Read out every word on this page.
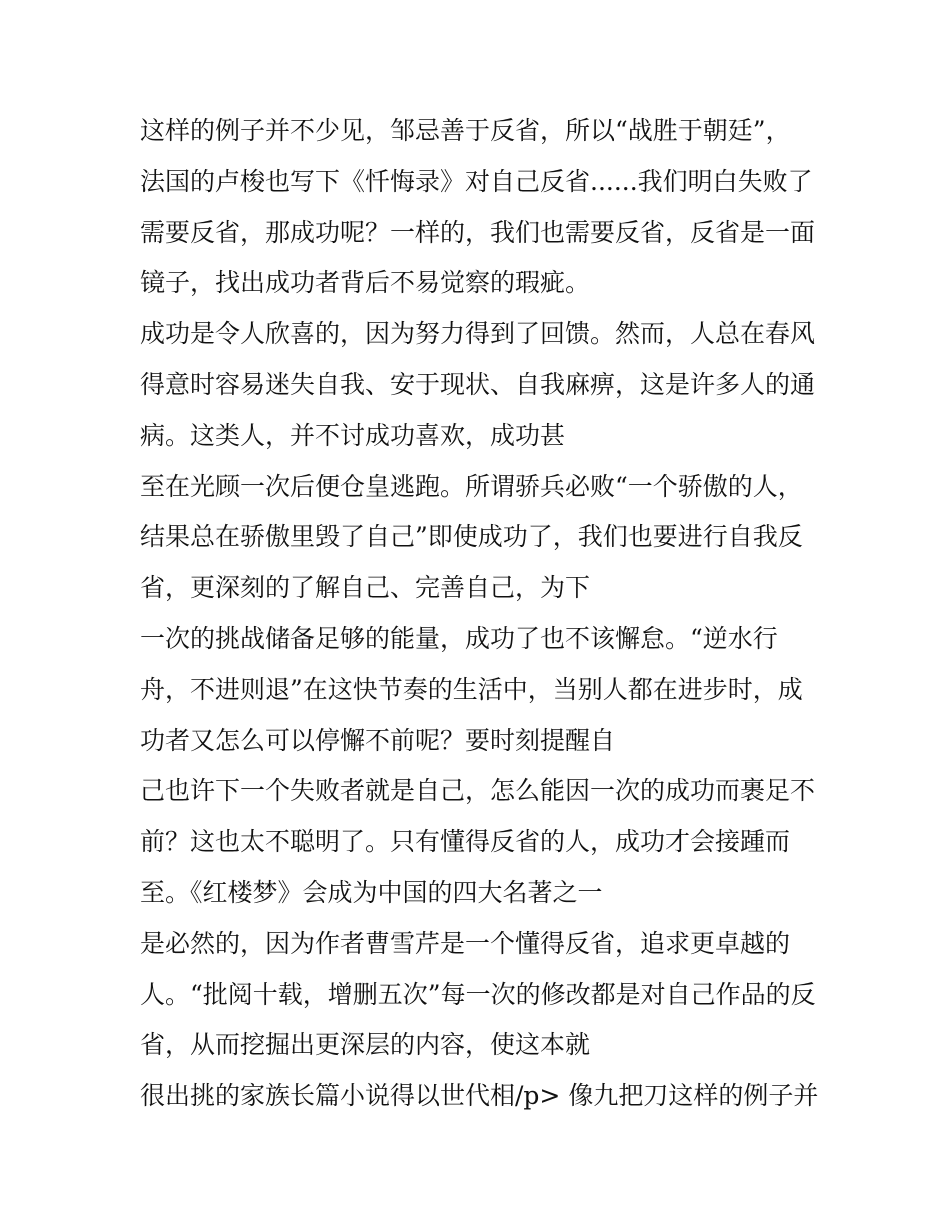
这样的例子并不少见，邹忌善于反省，所以“战胜于朝廷”，
法国的卢梭也写下《忏悔录》对自己反省......我们明白失败了
需要反省，那成功呢？一样的，我们也需要反省，反省是一面
镜子，找出成功者背后不易觉察的瑕疵。
成功是令人欣喜的，因为努力得到了回馈。然而，人总在春风
得意时容易迷失自我、安于现状、自我麻痹，这是许多人的通
病。这类人，并不讨成功喜欢，成功甚
至在光顾一次后便仓皇逃跑。所谓骄兵必败“一个骄傲的人，
结果总在骄傲里毁了自己”即使成功了，我们也要进行自我反
省，更深刻的了解自己、完善自己，为下
一次的挑战储备足够的能量，成功了也不该懈怠。“逆水行
舟，不进则退”在这快节奏的生活中，当别人都在进步时，成
功者又怎么可以停懈不前呢？要时刻提醒自
己也许下一个失败者就是自己，怎么能因一次的成功而裹足不
前？这也太不聪明了。只有懂得反省的人，成功才会接踵而
至。《红楼梦》会成为中国的四大名著之一
是必然的，因为作者曹雪芹是一个懂得反省，追求更卓越的
人。“批阅十载，增删五次”每一次的修改都是对自己作品的反
省，从而挖掘出更深层的内容，使这本就
很出挑的家族长篇小说得以世代相/p> 像九把刀这样的例子并
